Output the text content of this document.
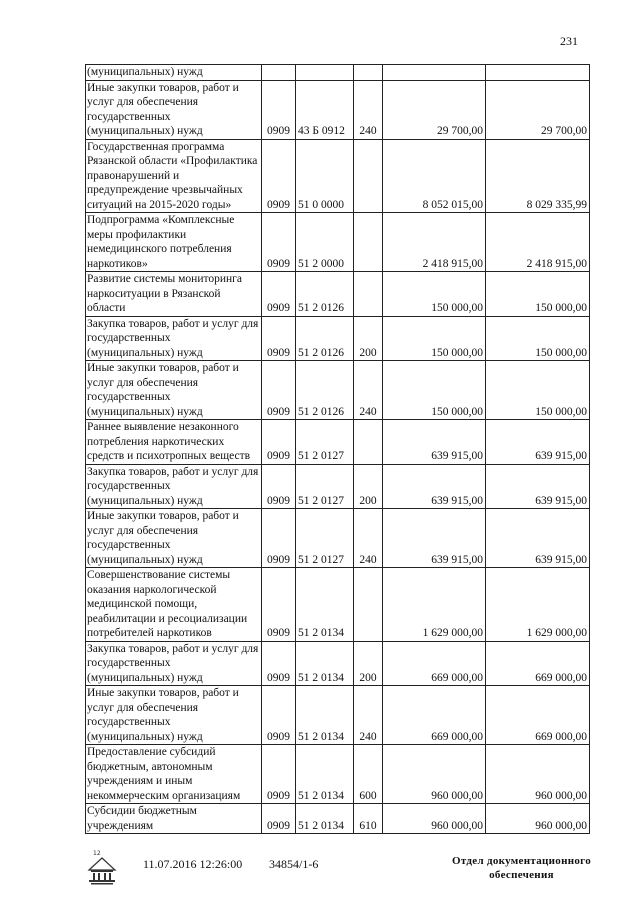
231
(муниципальных) нужд					
Иные закупки товаров, работ и услуг для обеспечения государственных (муниципальных) нужд	0909	43 Б 0912	240	29 700,00	29 700,00
Государственная программа Рязанской области «Профилактика правонарушений и предупреждение чрезвычайных ситуаций на 2015-2020 годы»	0909	51 0 0000		8 052 015,00	8 029 335,99
Подпрограмма «Комплексные меры профилактики немедицинского потребления наркотиков»	0909	51 2 0000		2 418 915,00	2 418 915,00
Развитие системы мониторинга наркоситуации в Рязанской области	0909	51 2 0126		150 000,00	150 000,00
Закупка товаров, работ и услуг для государственных (муниципальных) нужд	0909	51 2 0126	200	150 000,00	150 000,00
Иные закупки товаров, работ и услуг для обеспечения государственных (муниципальных) нужд	0909	51 2 0126	240	150 000,00	150 000,00
Раннее выявление незаконного потребления наркотических средств и психотропных веществ	0909	51 2 0127		639 915,00	639 915,00
Закупка товаров, работ и услуг для государственных (муниципальных) нужд	0909	51 2 0127	200	639 915,00	639 915,00
Иные закупки товаров, работ и услуг для обеспечения государственных (муниципальных) нужд	0909	51 2 0127	240	639 915,00	639 915,00
Совершенствование системы оказания наркологической медицинской помощи, реабилитации и ресоциализации потребителей наркотиков	0909	51 2 0134		1 629 000,00	1 629 000,00
Закупка товаров, работ и услуг для государственных (муниципальных) нужд	0909	51 2 0134	200	669 000,00	669 000,00
Иные закупки товаров, работ и услуг для обеспечения государственных (муниципальных) нужд	0909	51 2 0134	240	669 000,00	669 000,00
Предоставление субсидий бюджетным, автономным учреждениям и иным некоммерческим организациям	0909	51 2 0134	600	960 000,00	960 000,00
Субсидии бюджетным учреждениям	0909	51 2 0134	610	960 000,00	960 000,00
12
11.07.2016 12:26:00 34854/1-6	Отдел документационного
обеспечения
